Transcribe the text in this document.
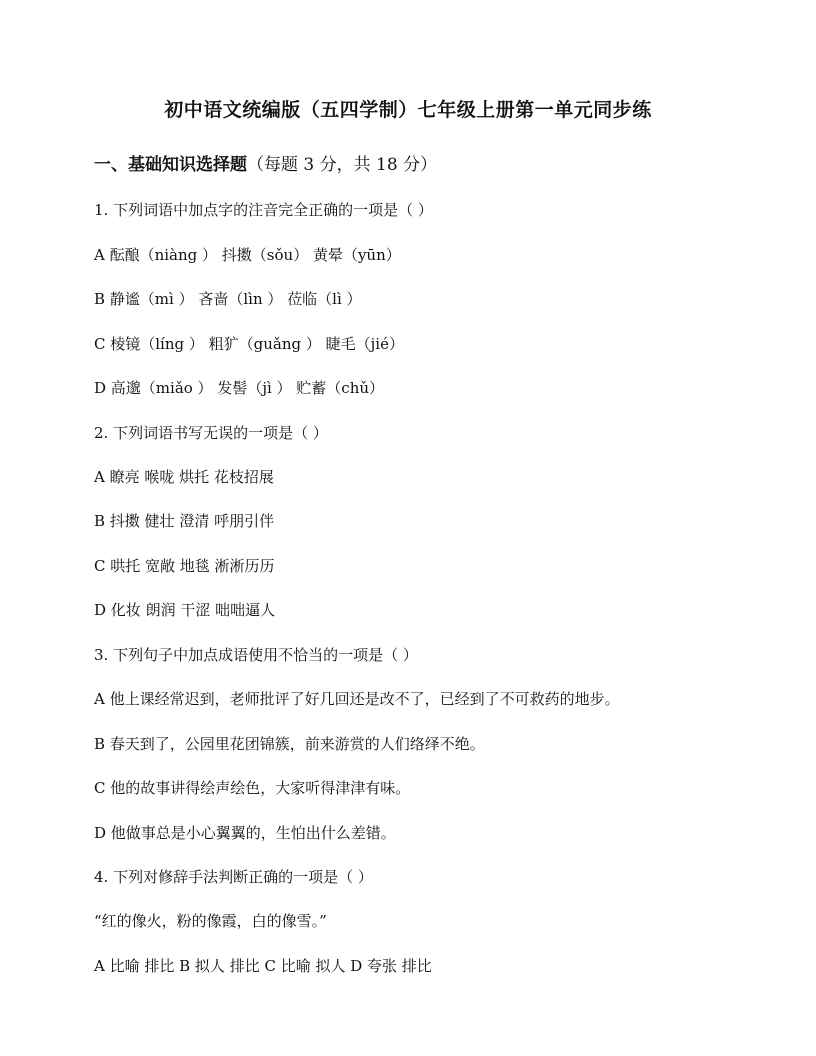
初中语文统编版（五四学制）七年级上册第一单元同步练
一、基础知识选择题（每题 3 分，共 18 分）
1. 下列词语中加点字的注音完全正确的一项是（ ）
A 酝酿（niàng ） 抖擞（sǒu） 黄晕（yūn）
B 静谧（mì ） 吝啬（lìn ） 莅临（lì ）
C 棱镜（líng ） 粗犷（guǎng ） 睫毛（jié）
D 高邈（miǎo ） 发髻（jì ） 贮蓄（chǔ）
2. 下列词语书写无误的一项是（ ）
A 瞭亮 喉咙 烘托 花枝招展
B 抖擞 健壮 澄清 呼朋引伴
C 哄托 宽敞 地毯 淅淅历历
D 化妆 朗润 干涩 咄咄逼人
3. 下列句子中加点成语使用不恰当的一项是（ ）
A 他上课经常迟到，老师批评了好几回还是改不了，已经到了不可救药的地步。
B 春天到了，公园里花团锦簇，前来游赏的人们络绎不绝。
C 他的故事讲得绘声绘色，大家听得津津有味。
D 他做事总是小心翼翼的，生怕出什么差错。
4. 下列对修辞手法判断正确的一项是（ ）
“红的像火，粉的像霞，白的像雪。”
A 比喻 排比 B 拟人 排比 C 比喻 拟人 D 夸张 排比
